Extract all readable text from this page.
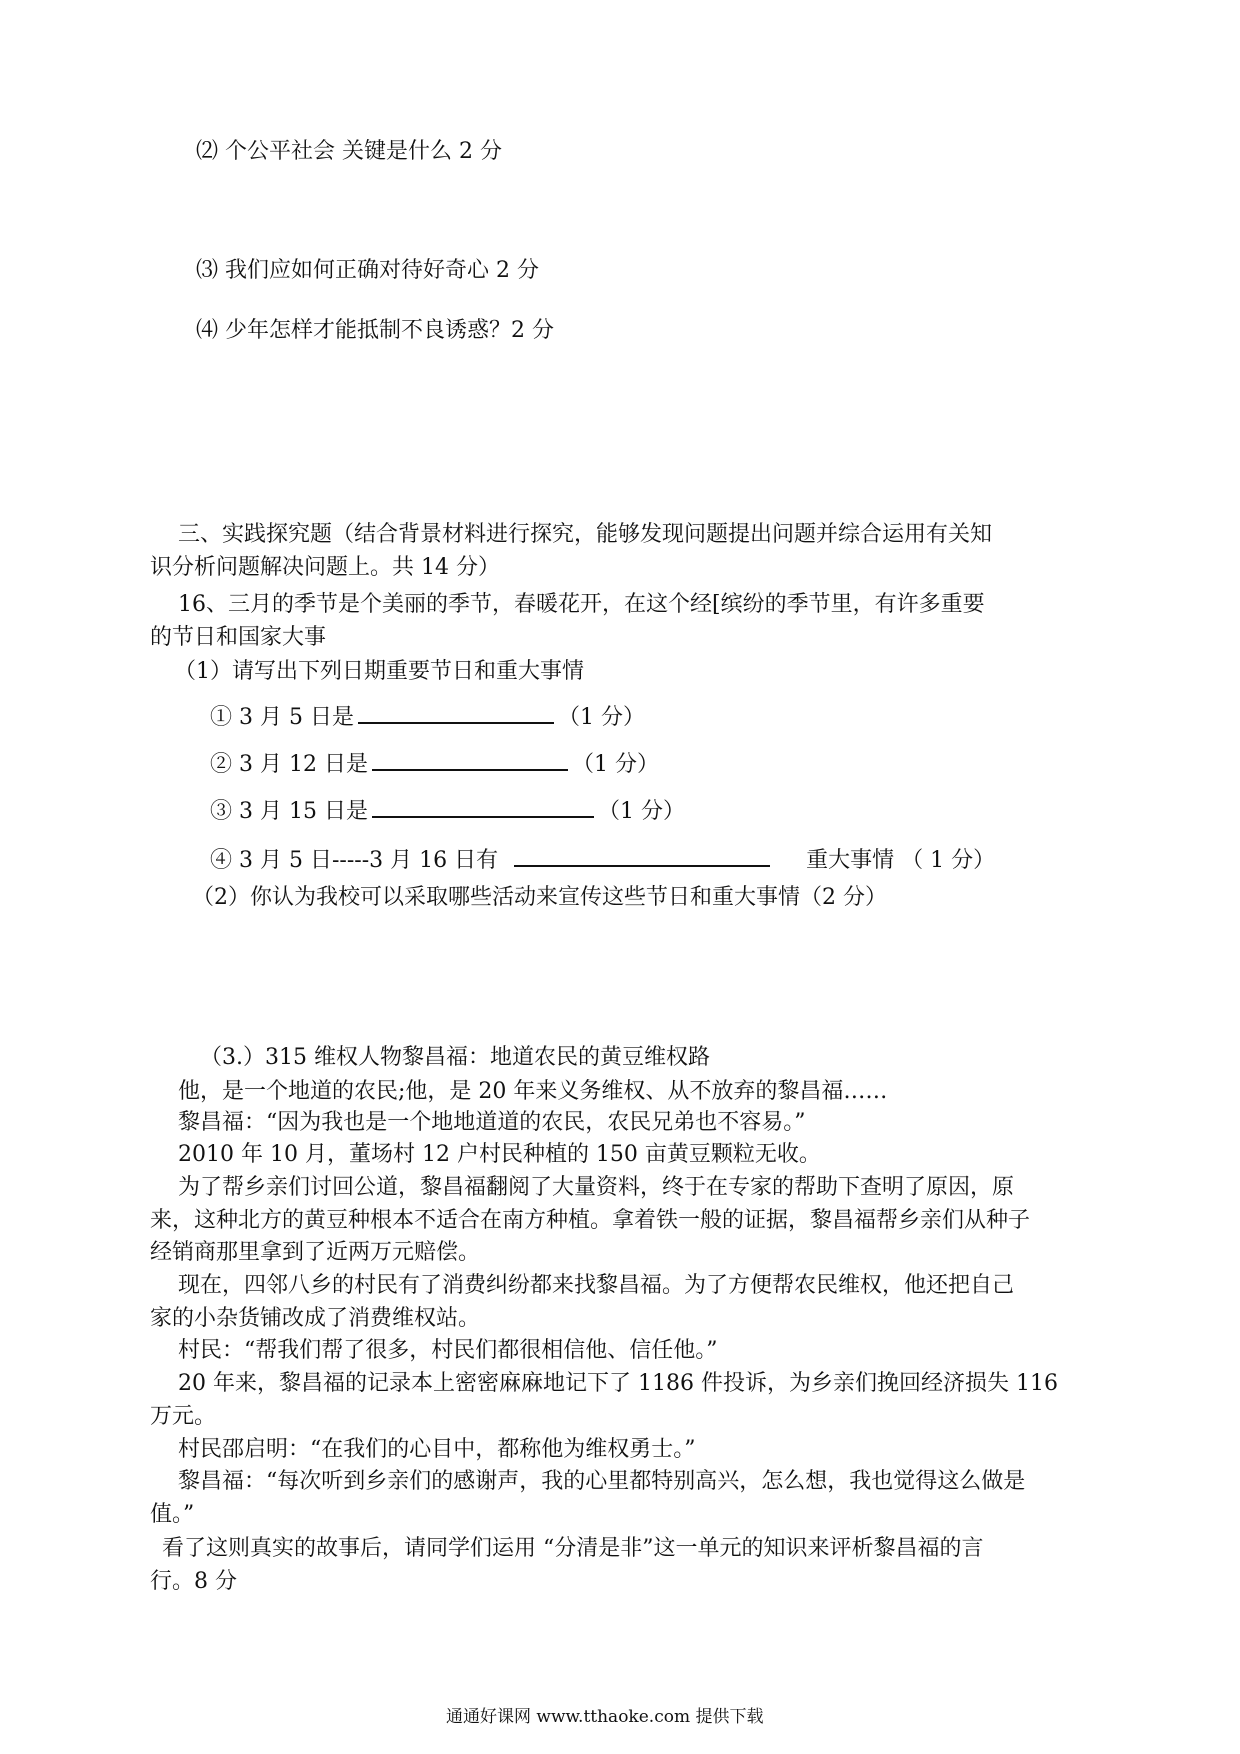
⑵ 个公平社会 关键是什么 2 分
⑶ 我们应如何正确对待好奇心 2 分
⑷ 少年怎样才能抵制不良诱惑？2 分
三、实践探究题（结合背景材料进行探究，能够发现问题提出问题并综合运用有关知
识分析问题解决问题上。共 14 分）
16、三月的季节是个美丽的季节，春暖花开，在这个经[缤纷的季节里，有许多重要
的节日和国家大事
（1）请写出下列日期重要节日和重大事情
① 3 月 5 日是	（1 分）
② 3 月 12 日是	（1 分）
③ 3 月 15 日是	（1 分）
④ 3 月 5 日-----3 月 16 日有	重大事情 （ 1 分）
（2）你认为我校可以采取哪些活动来宣传这些节日和重大事情（2 分）
（3.）315 维权人物黎昌福：地道农民的黄豆维权路
他，是一个地道的农民;他，是 20 年来义务维权、从不放弃的黎昌福……
黎昌福：“因为我也是一个地地道道的农民，农民兄弟也不容易。”
2010 年 10 月，董场村 12 户村民种植的 150 亩黄豆颗粒无收。
为了帮乡亲们讨回公道，黎昌福翻阅了大量资料，终于在专家的帮助下查明了原因，原
来，这种北方的黄豆种根本不适合在南方种植。拿着铁一般的证据，黎昌福帮乡亲们从种子
经销商那里拿到了近两万元赔偿。
现在，四邻八乡的村民有了消费纠纷都来找黎昌福。为了方便帮农民维权，他还把自己
家的小杂货铺改成了消费维权站。
村民：“帮我们帮了很多，村民们都很相信他、信任他。”
20 年来，黎昌福的记录本上密密麻麻地记下了 1186 件投诉，为乡亲们挽回经济损失 116
万元。
村民邵启明：“在我们的心目中，都称他为维权勇士。”
黎昌福：“每次听到乡亲们的感谢声，我的心里都特别高兴，怎么想，我也觉得这么做是
值。”
看了这则真实的故事后，请同学们运用 “分清是非”这一单元的知识来评析黎昌福的言
行。8 分
通通好课网 www.tthaoke.com 提供下载
